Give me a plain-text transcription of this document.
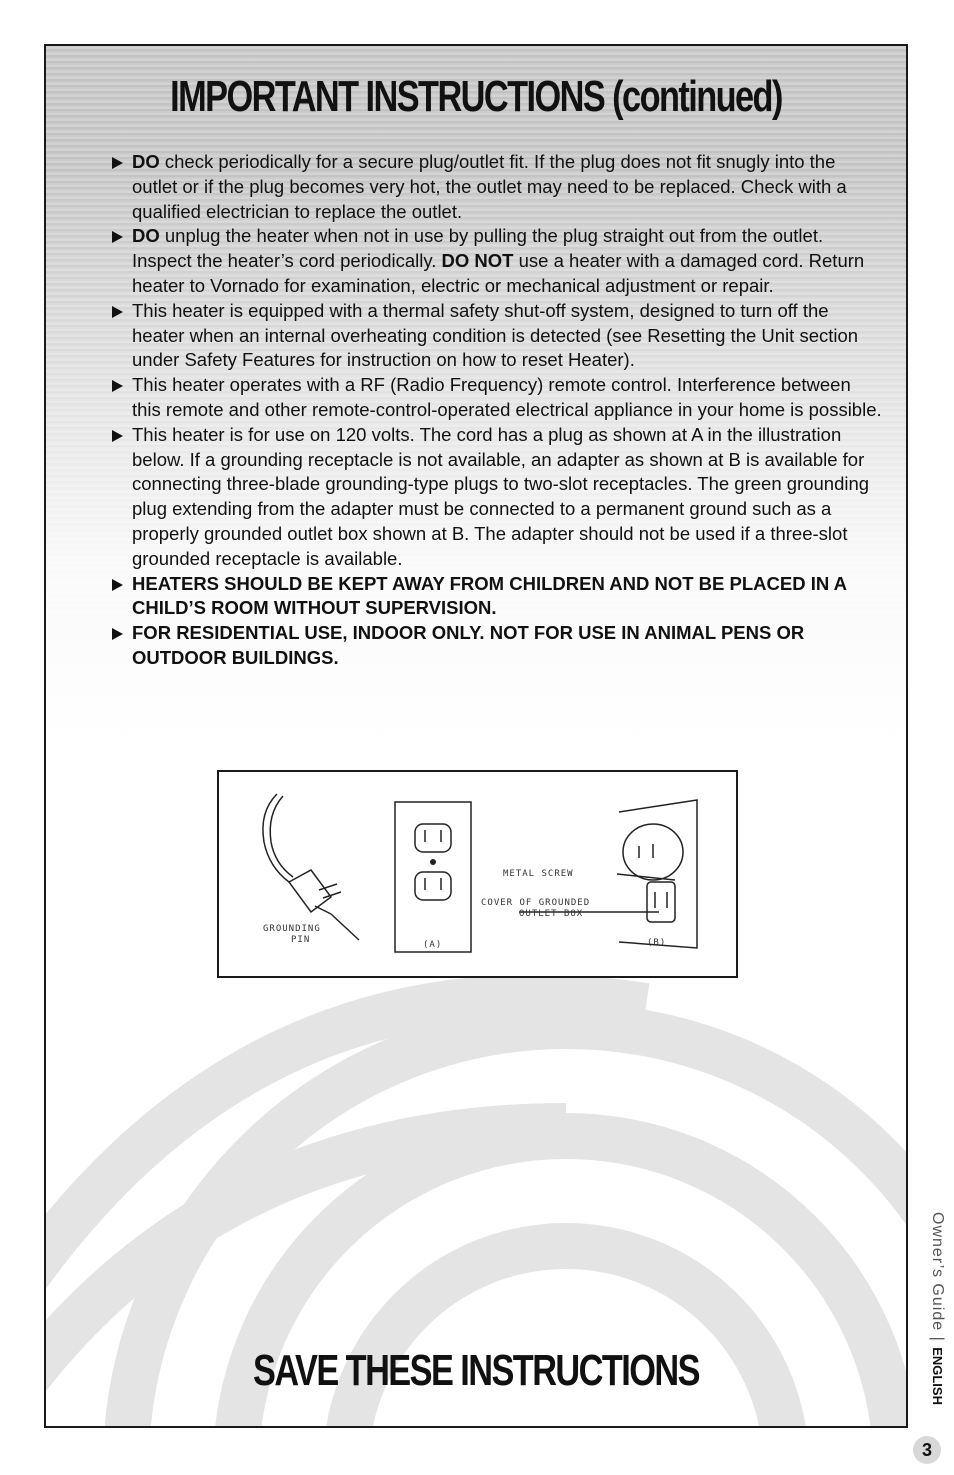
IMPORTANT INSTRUCTIONS (continued)
DO check periodically for a secure plug/outlet fit. If the plug does not fit snugly into the outlet or if the plug becomes very hot, the outlet may need to be replaced. Check with a qualified electrician to replace the outlet.
DO unplug the heater when not in use by pulling the plug straight out from the outlet. Inspect the heater’s cord periodically. DO NOT use a heater with a damaged cord. Return heater to Vornado for examination, electric or mechanical adjustment or repair.
This heater is equipped with a thermal safety shut-off system, designed to turn off the heater when an internal overheating condition is detected (see Resetting the Unit section under Safety Features for instruction on how to reset Heater).
This heater operates with a RF (Radio Frequency) remote control. Interference between this remote and other remote-control-operated electrical appliance in your home is possible.
This heater is for use on 120 volts. The cord has a plug as shown at A in the illustration below. If a grounding receptacle is not available, an adapter as shown at B is available for connecting three-blade grounding-type plugs to two-slot receptacles. The green grounding plug extending from the adapter must be connected to a permanent ground such as a properly grounded outlet box shown at B. The adapter should not be used if a three-slot grounded receptacle is available.
HEATERS SHOULD BE KEPT AWAY FROM CHILDREN AND NOT BE PLACED IN A CHILD’S ROOM WITHOUT SUPERVISION.
FOR RESIDENTIAL USE, INDOOR ONLY. NOT FOR USE IN ANIMAL PENS OR OUTDOOR BUILDINGS.
GROUNDING
PIN	(A)
METAL SCREW
COVER OF GROUNDED
OUTLET BOX
(B)
SAVE THESE INSTRUCTIONS
Owner’s Guide | ENGLISH
3
